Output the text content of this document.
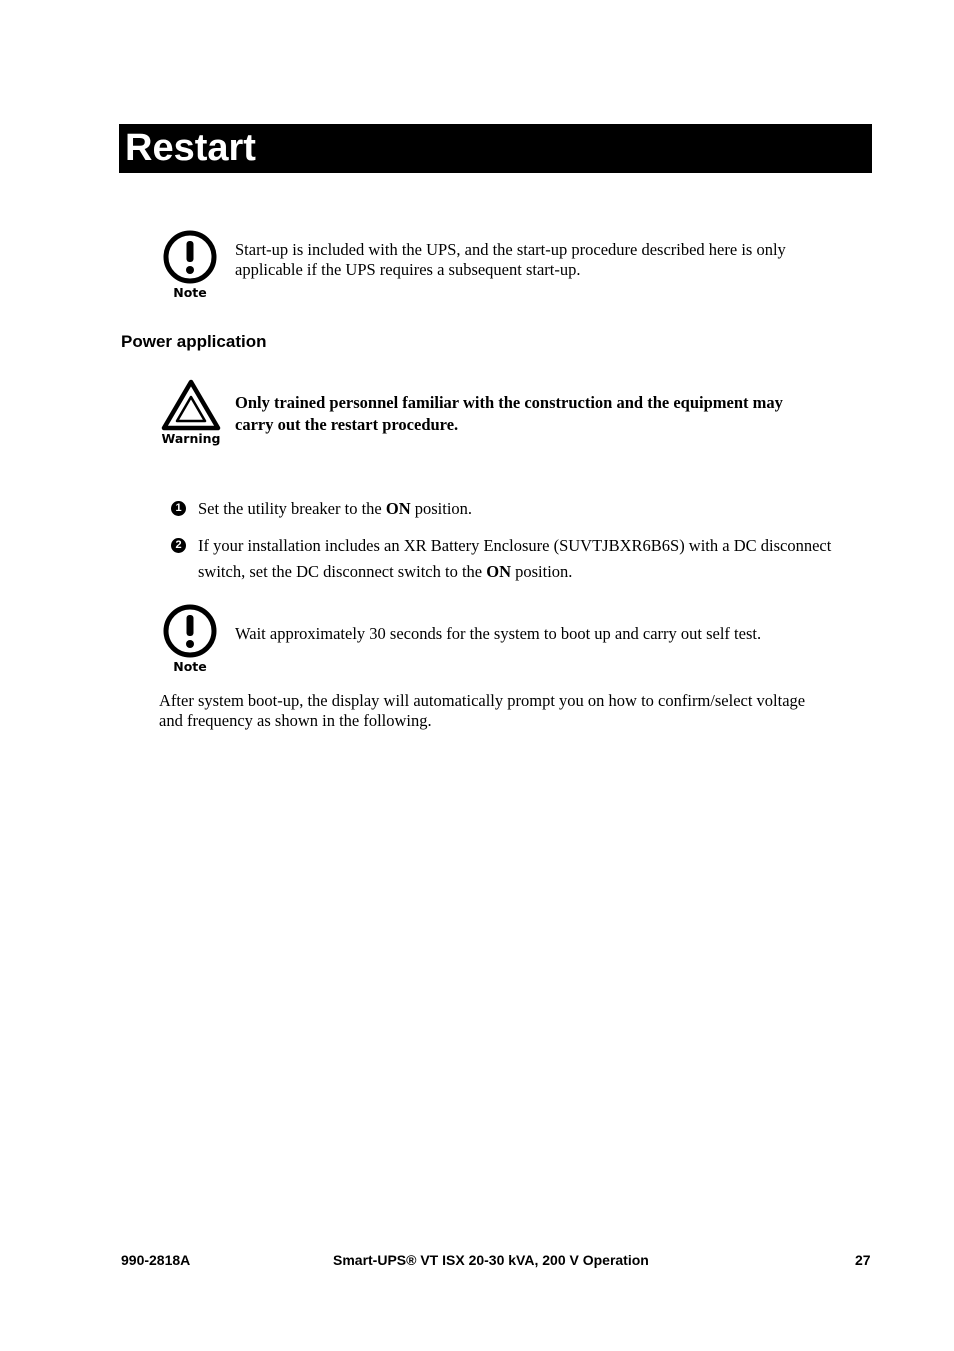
Restart
Note
Start-up is included with the UPS, and the start-up procedure described here is only
applicable if the UPS requires a subsequent start-up.
Power application
Warning
Only trained personnel familiar with the construction and the equipment may
carry out the restart procedure.
1 Set the utility breaker to the ON position.
2 If your installation includes an XR Battery Enclosure (SUVTJBXR6B6S) with a DC disconnect
switch, set the DC disconnect switch to the ON position.
Note
Wait approximately 30 seconds for the system to boot up and carry out self test.
After system boot-up, the display will automatically prompt you on how to confirm/select voltage
and frequency as shown in the following.
990-2818A	Smart-UPS® VT ISX 20-30 kVA, 200 V Operation	27
